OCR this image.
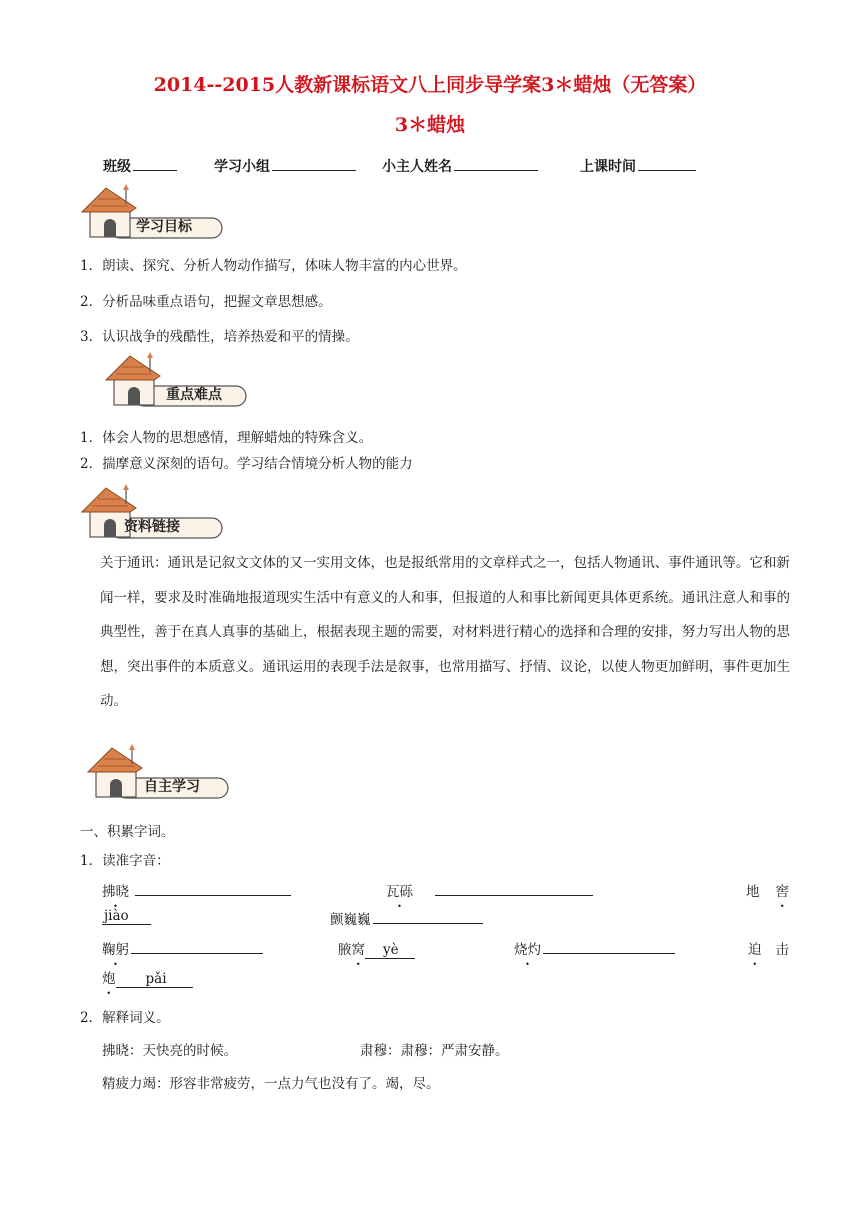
2014--2015人教新课标语文八上同步导学案3＊蜡烛（无答案）
3＊蜡烛
班级	学习小组	小主人姓名	上课时间
学习目标
1．朗读、探究、分析人物动作描写，体味人物丰富的内心世界。
2．分析品味重点语句，把握文章思想感。
3．认识战争的残酷性，培养热爱和平的情操。
重点难点
1．体会人物的思想感情，理解蜡烛的特殊含义。
2．揣摩意义深刻的语句。学习结合情境分析人物的能力
资料链接
关于通讯：通讯是记叙文文体的又一实用文体，也是报纸常用的文章样式之一，包括人物通讯、事件通讯等。它和新闻一样，要求及时准确地报道现实生活中有意义的人和事，但报道的人和事比新闻更具体更系统。通讯注意人和事的典型性，善于在真人真事的基础上，根据表现主题的需要，对材料进行精心的选择和合理的安排，努力写出人物的思想，突出事件的本质意义。通讯运用的表现手法是叙事，也常用描写、抒情、议论，以使人物更加鲜明，事件更加生动。
自主学习
一、积累字词。
1．读准字音：
拂晓	瓦砾	地 窖
jiào	颤巍巍
鞠躬	腋窝 yè	烧灼	迫 击
炮 pǎi
2．解释词义。
拂晓：天快亮的时候。	肃穆：肃穆：严肃安静。
精疲力竭：形容非常疲劳，一点力气也没有了。竭，尽。
